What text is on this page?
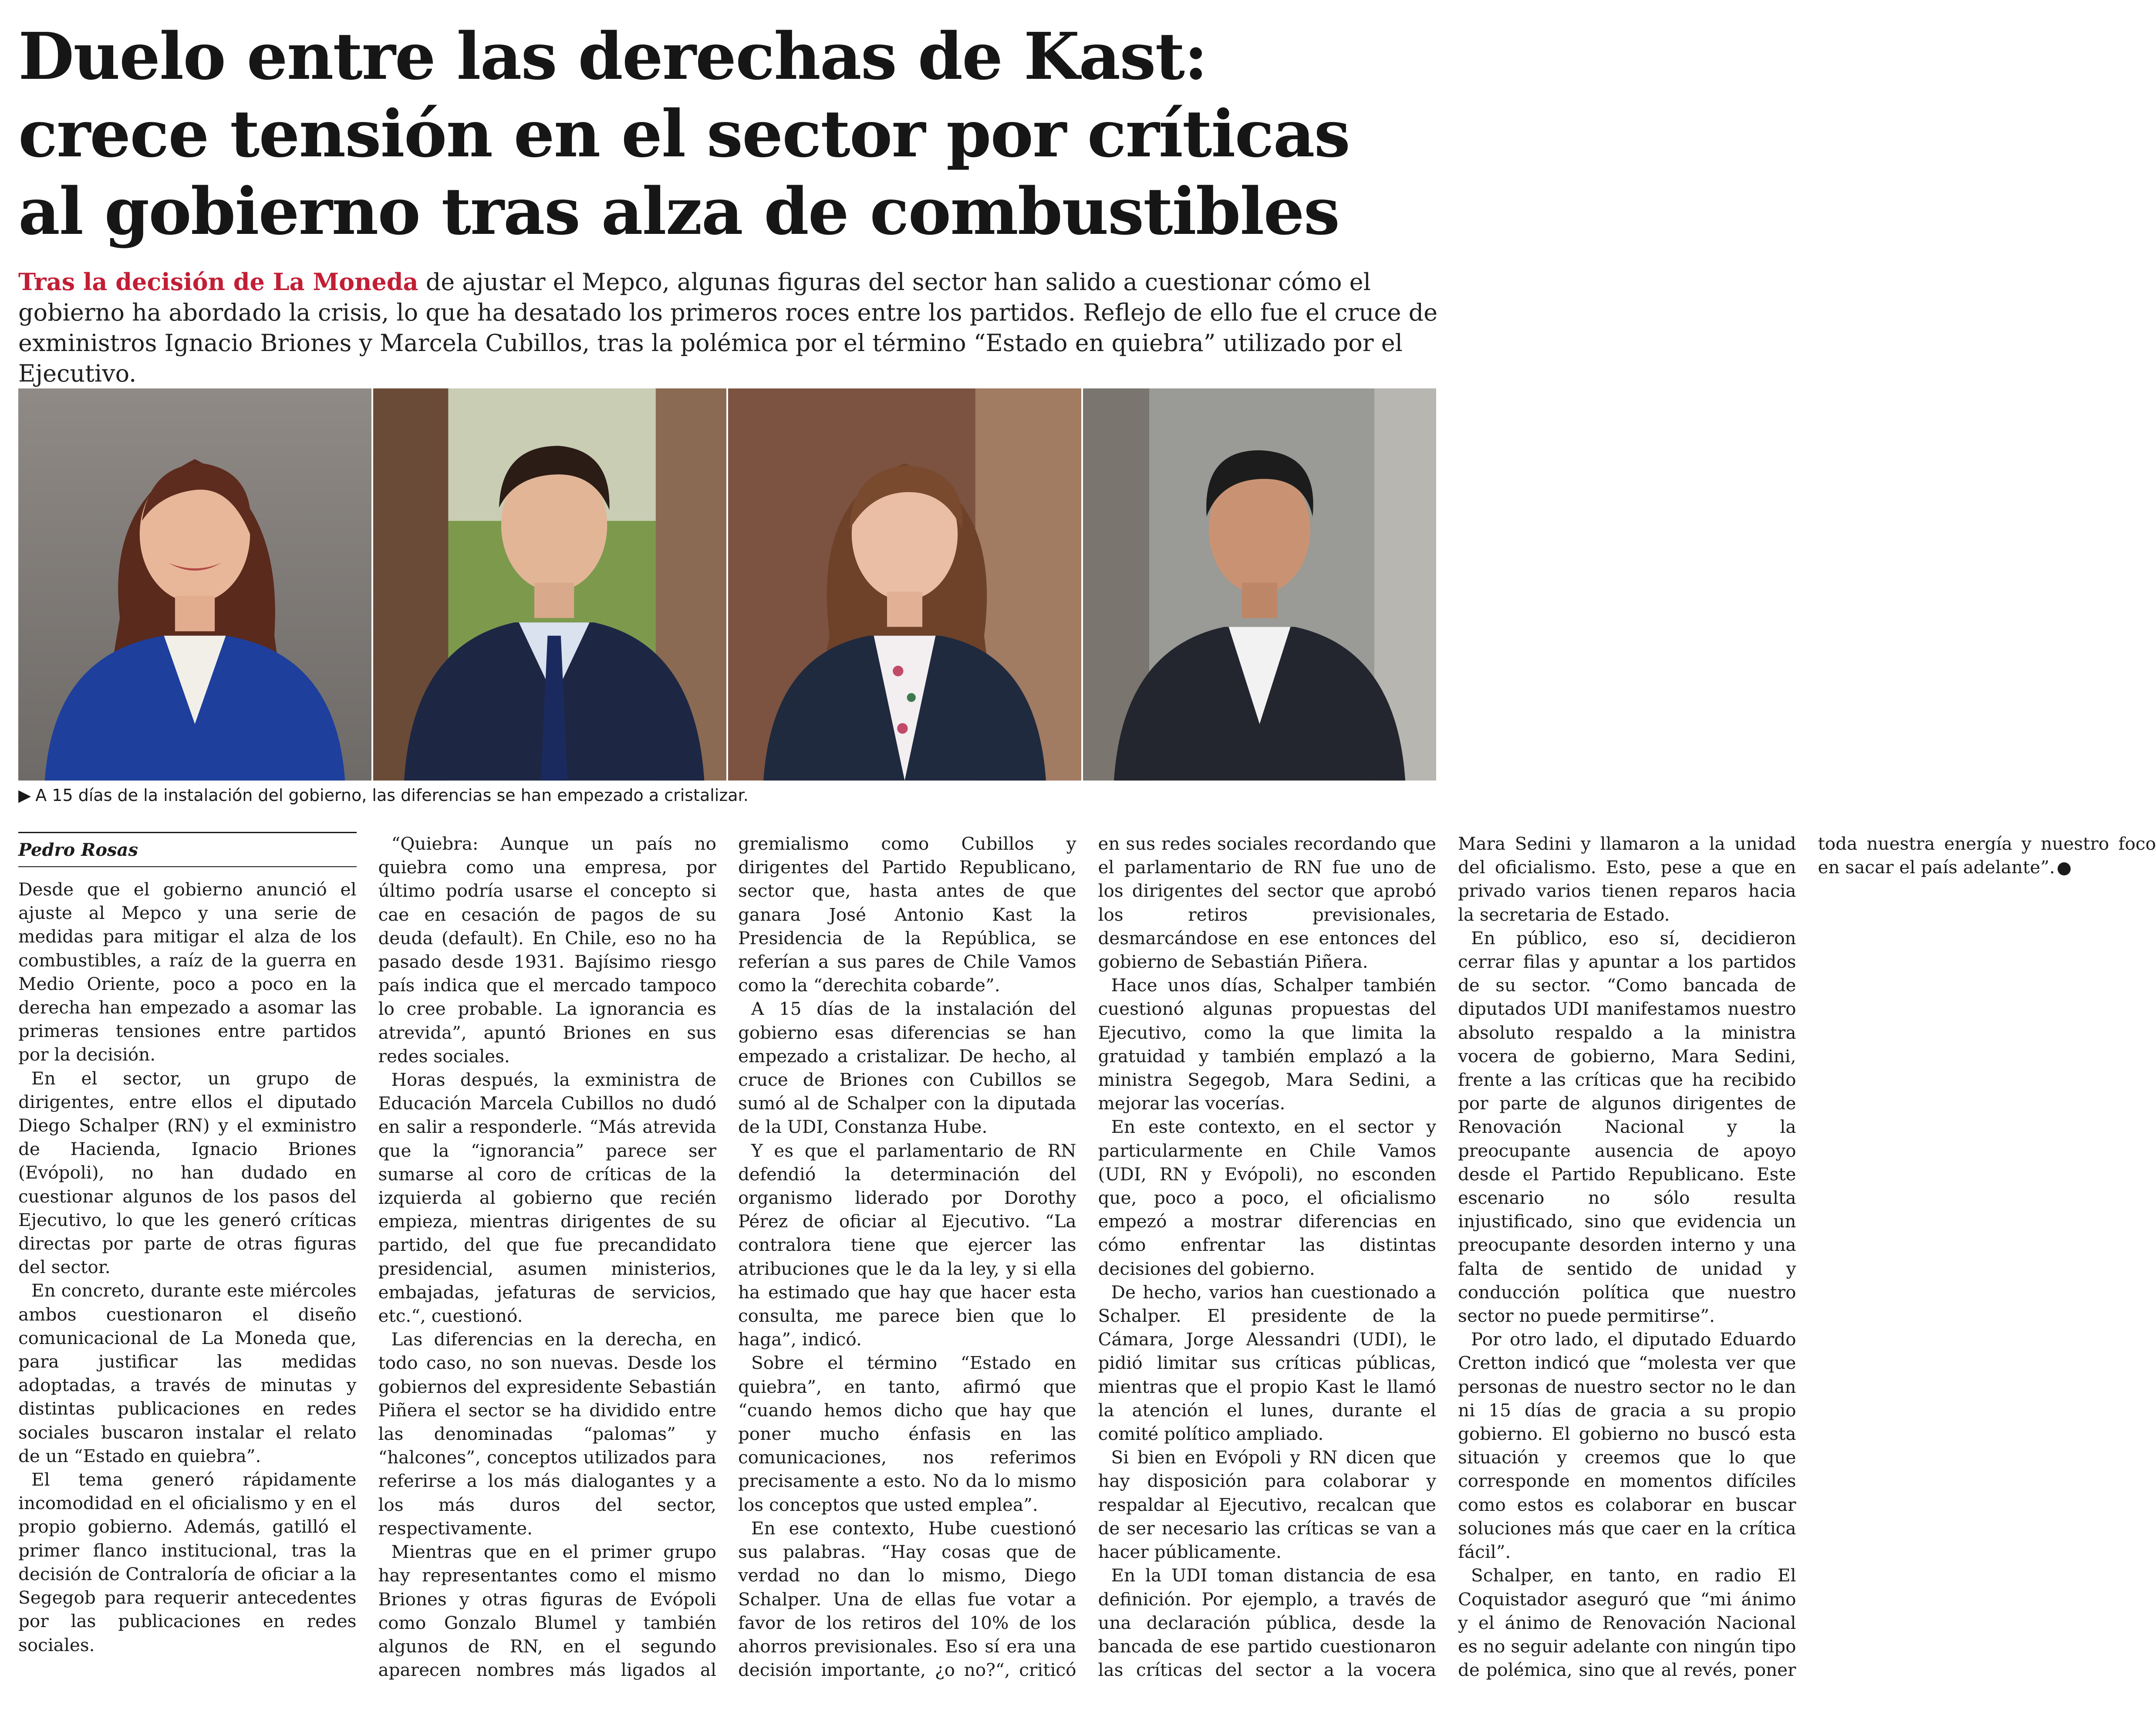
Duelo entre las derechas de Kast:
crece tensión en el sector por críticas
al gobierno tras alza de combustibles

Tras la decisión de La Moneda de ajustar el Mepco, algunas figuras del sector han salido a cuestionar cómo el gobierno ha abordado la crisis, lo que ha desatado los primeros roces entre los partidos. Reflejo de ello fue el cruce de exministros Ignacio Briones y Marcela Cubillos, tras la polémica por el término “Estado en quiebra” utilizado por el Ejecutivo.

▶ A 15 días de la instalación del gobierno, las diferencias se han empezado a cristalizar.
Pedro Rosas

Desde que el gobierno anunció el ajuste al Mepco y una serie de medidas para mitigar el alza de los combustibles, a raíz de la guerra en Medio Oriente, poco a poco en la derecha han empezado a asomar las primeras tensiones entre partidos por la decisión.

En el sector, un grupo de dirigentes, entre ellos el diputado Diego Schalper (RN) y el exministro de Hacienda, Ignacio Briones (Evópoli), no han dudado en cuestionar algunos de los pasos del Ejecutivo, lo que les generó críticas directas por parte de otras figuras del sector.

En concreto, durante este miércoles ambos cuestionaron el diseño comunicacional de La Moneda que, para justificar las medidas adoptadas, a través de minutas y distintas publicaciones en redes sociales buscaron instalar el relato de un “Estado en quiebra”.

El tema generó rápidamente incomodidad en el oficialismo y en el propio gobierno. Además, gatilló el primer flanco institucional, tras la decisión de Contraloría de oficiar a la Segegob para requerir antecedentes por las publicaciones en redes sociales.

“Quiebra: Aunque un país no quiebra como una empresa, por último podría usarse el concepto si cae en cesación de pagos de su deuda (default). En Chile, eso no ha pasado desde 1931. Bajísimo riesgo país indica que el mercado tampoco lo cree probable. La ignorancia es atrevida”, apuntó Briones en sus redes sociales.

Horas después, la exministra de Educación Marcela Cubillos no dudó en salir a responderle. “Más atrevida que la “ignorancia” parece ser sumarse al coro de críticas de la izquierda al gobierno que recién empieza, mientras dirigentes de su partido, del que fue precandidato presidencial, asumen ministerios, embajadas, jefaturas de servicios, etc.“, cuestionó.

Las diferencias en la derecha, en todo caso, no son nuevas. Desde los gobiernos del expresidente Sebastián Piñera el sector se ha dividido entre las denominadas “palomas” y “halcones”, conceptos utilizados para referirse a los más dialogantes y a los más duros del sector, respectivamente.

Mientras que en el primer grupo hay representantes como el mismo Briones y otras figuras de Evópoli como Gonzalo Blumel y también algunos de RN, en el segundo aparecen nombres más ligados al gremialismo como Cubillos y dirigentes del Partido Republicano, sector que, hasta antes de que ganara José Antonio Kast la Presidencia de la República, se referían a sus pares de Chile Vamos como la “derechita cobarde”.

A 15 días de la instalación del gobierno esas diferencias se han empezado a cristalizar. De hecho, al cruce de Briones con Cubillos se sumó al de Schalper con la diputada de la UDI, Constanza Hube.

Y es que el parlamentario de RN defendió la determinación del organismo liderado por Dorothy Pérez de oficiar al Ejecutivo. “La contralora tiene que ejercer las atribuciones que le da la ley, y si ella ha estimado que hay que hacer esta consulta, me parece bien que lo haga”, indicó.

Sobre el término “Estado en quiebra”, en tanto, afirmó que “cuando hemos dicho que hay que poner mucho énfasis en las comunicaciones, nos referimos precisamente a esto. No da lo mismo los conceptos que usted emplea”.

En ese contexto, Hube cuestionó sus palabras. “Hay cosas que de verdad no dan lo mismo, Diego Schalper. Una de ellas fue votar a favor de los retiros del 10% de los ahorros previsionales. Eso sí era una decisión importante, ¿o no?“, criticó en sus redes sociales recordando que el parlamentario de RN fue uno de los dirigentes del sector que aprobó los retiros previsionales, desmarcándose en ese entonces del gobierno de Sebastián Piñera.

Hace unos días, Schalper también cuestionó algunas propuestas del Ejecutivo, como la que limita la gratuidad y también emplazó a la ministra Segegob, Mara Sedini, a mejorar las vocerías.

En este contexto, en el sector y particularmente en Chile Vamos (UDI, RN y Evópoli), no esconden que, poco a poco, el oficialismo empezó a mostrar diferencias en cómo enfrentar las distintas decisiones del gobierno.

De hecho, varios han cuestionado a Schalper. El presidente de la Cámara, Jorge Alessandri (UDI), le pidió limitar sus críticas públicas, mientras que el propio Kast le llamó la atención el lunes, durante el comité político ampliado.

Si bien en Evópoli y RN dicen que hay disposición para colaborar y respaldar al Ejecutivo, recalcan que de ser necesario las críticas se van a hacer públicamente.

En la UDI toman distancia de esa definición. Por ejemplo, a través de una declaración pública, desde la bancada de ese partido cuestionaron las críticas del sector a la vocera Mara Sedini y llamaron a la unidad del oficialismo. Esto, pese a que en privado varios tienen reparos hacia la secretaria de Estado.

En público, eso sí, decidieron cerrar filas y apuntar a los partidos de su sector. “Como bancada de diputados UDI manifestamos nuestro absoluto respaldo a la ministra vocera de gobierno, Mara Sedini, frente a las críticas que ha recibido por parte de algunos dirigentes de Renovación Nacional y la preocupante ausencia de apoyo desde el Partido Republicano. Este escenario no sólo resulta injustificado, sino que evidencia un preocupante desorden interno y una falta de sentido de unidad y conducción política que nuestro sector no puede permitirse”.

Por otro lado, el diputado Eduardo Cretton indicó que “molesta ver que personas de nuestro sector no le dan ni 15 días de gracia a su propio gobierno. El gobierno no buscó esta situación y creemos que lo que corresponde en momentos difíciles como estos es colaborar en buscar soluciones más que caer en la crítica fácil”.

Schalper, en tanto, en radio El Coquistador aseguró que “mi ánimo y el ánimo de Renovación Nacional es no seguir adelante con ningún tipo de polémica, sino que al revés, poner toda nuestra energía y nuestro foco en sacar el país adelante”.
